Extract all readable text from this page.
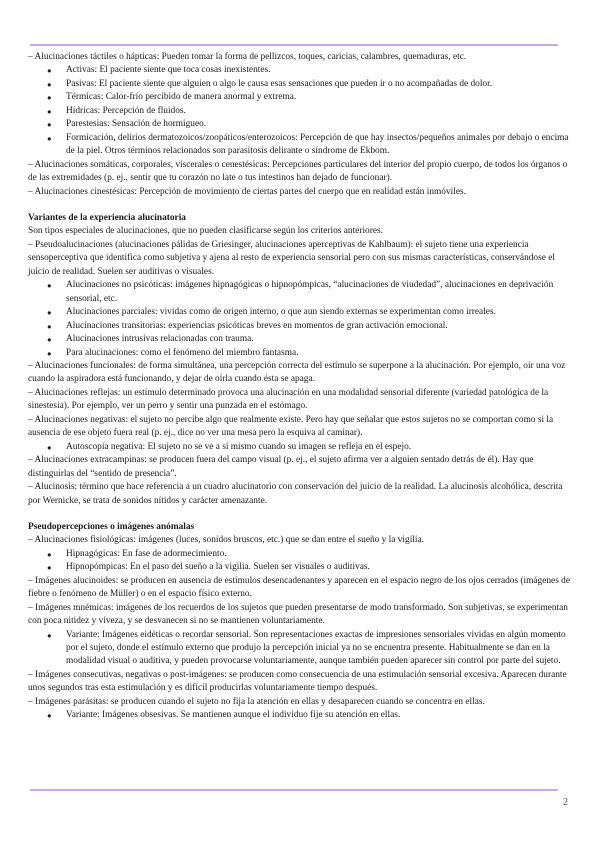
– Alucinaciones táctiles o hápticas: Pueden tomar la forma de pellizcos, toques, caricias, calambres, quemaduras, etc.

● Activas: El paciente siente que toca cosas inexistentes.
● Pasivas: El paciente siente que alguien o algo le causa esas sensaciones que pueden ir o no acompañadas de dolor.
● Térmicas: Calor-frío percibido de manera anormal y extrema.
● Hídricas: Percepción de fluidos.
● Parestesias: Sensación de hormigueo.
● Formicación, delirios dermatozoicos/zoopáticos/enterozoicos: Percepción de que hay insectos/pequeños animales por debajo o encima de la piel. Otros términos relacionados son parasitosis delirante o síndrome de Ekbom.

– Alucinaciones somáticas, corporales, viscerales o cenestésicas: Percepciones particulares del interior del propio cuerpo, de todos los órganos o de las extremidades (p. ej., sentir que tu corazón no late o tus intestinos han dejado de funcionar).

– Alucinaciones cinestésicas: Percepción de movimiento de ciertas partes del cuerpo que en realidad están inmóviles.

Variantes de la experiencia alucinatoria

Son tipos especiales de alucinaciones, que no pueden clasificarse según los criterios anteriores.

– Pseudoalucinaciones (alucinaciones pálidas de Griesinger, alucinaciones aperceptivas de Kahlbaum): el sujeto tiene una experiencia sensoperceptiva que identifica como subjetiva y ajena al resto de experiencia sensorial pero con sus mismas características, conservándose el juicio de realidad. Suelen ser auditivas o visuales.

● Alucinaciones no psicóticas: imágenes hipnagógicas o hipnopómpicas, “alucinaciones de viudedad”, alucinaciones en deprivación sensorial, etc.
● Alucinaciones parciales: vividas como de origen interno, o que aun siendo externas se experimentan como irreales.
● Alucinaciones transitorias: experiencias psicóticas breves en momentos de gran activación emocional.
● Alucinaciones intrusivas relacionadas con trauma.
● Para alucinaciones: como el fenómeno del miembro fantasma.

– Alucinaciones funcionales: de forma simultánea, una percepción correcta del estímulo se superpone a la alucinación. Por ejemplo, oír una voz cuando la aspiradora está funcionando, y dejar de oírla cuando ésta se apaga.

– Alucinaciones reflejas: un estímulo determinado provoca una alucinación en una modalidad sensorial diferente (variedad patológica de la sinestesia). Por ejemplo, ver un perro y sentir una punzada en el estómago.

– Alucinaciones negativas: el sujeto no percibe algo que realmente existe. Pero hay que señalar que estos sujetos no se comportan como si la ausencia de ese objeto fuera real (p. ej., dice no ver una mesa pero la esquiva al caminar).

● Autoscopia negativa: El sujeto no se ve a sí mismo cuando su imagen se refleja en el espejo.

– Alucinaciones extracampinas: se producen fuera del campo visual (p. ej., el sujeto afirma ver a alguien sentado detrás de él). Hay que distinguirlas del “sentido de presencia”.

– Alucinosis: término que hace referencia a un cuadro alucinatorio con conservación del juicio de la realidad. La alucinosis alcohólica, descrita por Wernicke, se trata de sonidos nítidos y carácter amenazante.

Pseudopercepciones o imágenes anómalas

– Alucinaciones fisiológicas: imágenes (luces, sonidos bruscos, etc.) que se dan entre el sueño y la vigilia.

● Hipnagógicas: En fase de adormecimiento.
● Hipnopómpicas: En el paso del sueño a la vigilia. Suelen ser visuales o auditivas.

– Imágenes alucinoides: se producen en ausencia de estímulos desencadenantes y aparecen en el espacio negro de los ojos cerrados (imágenes de fiebre o fenómeno de Müller) o en el espacio físico externo.

– Imágenes mnémicas: imágenes de los recuerdos de los sujetos que pueden presentarse de modo transformado. Son subjetivas, se experimentan con poca nitidez y viveza, y se desvanecen si no se mantienen voluntariamente.

● Variante: Imágenes eidéticas o recordar sensorial. Son representaciones exactas de impresiones sensoriales vividas en algún momento por el sujeto, donde el estímulo externo que produjo la percepción inicial ya no se encuentra presente. Habitualmente se dan en la modalidad visual o auditiva, y pueden provocarse voluntariamente, aunque también pueden aparecer sin control por parte del sujeto.

– Imágenes consecutivas, negativas o post-imágenes: se producen como consecuencia de una estimulación sensorial excesiva. Aparecen durante unos segundos tras esta estimulación y es difícil producirlas voluntariamente tiempo después.

– Imágenes parásitas: se producen cuando el sujeto no fija la atención en ellas y desaparecen cuando se concentra en ellas.

● Variante: Imágenes obsesivas. Se mantienen aunque el individuo fije su atención en ellas.
2
